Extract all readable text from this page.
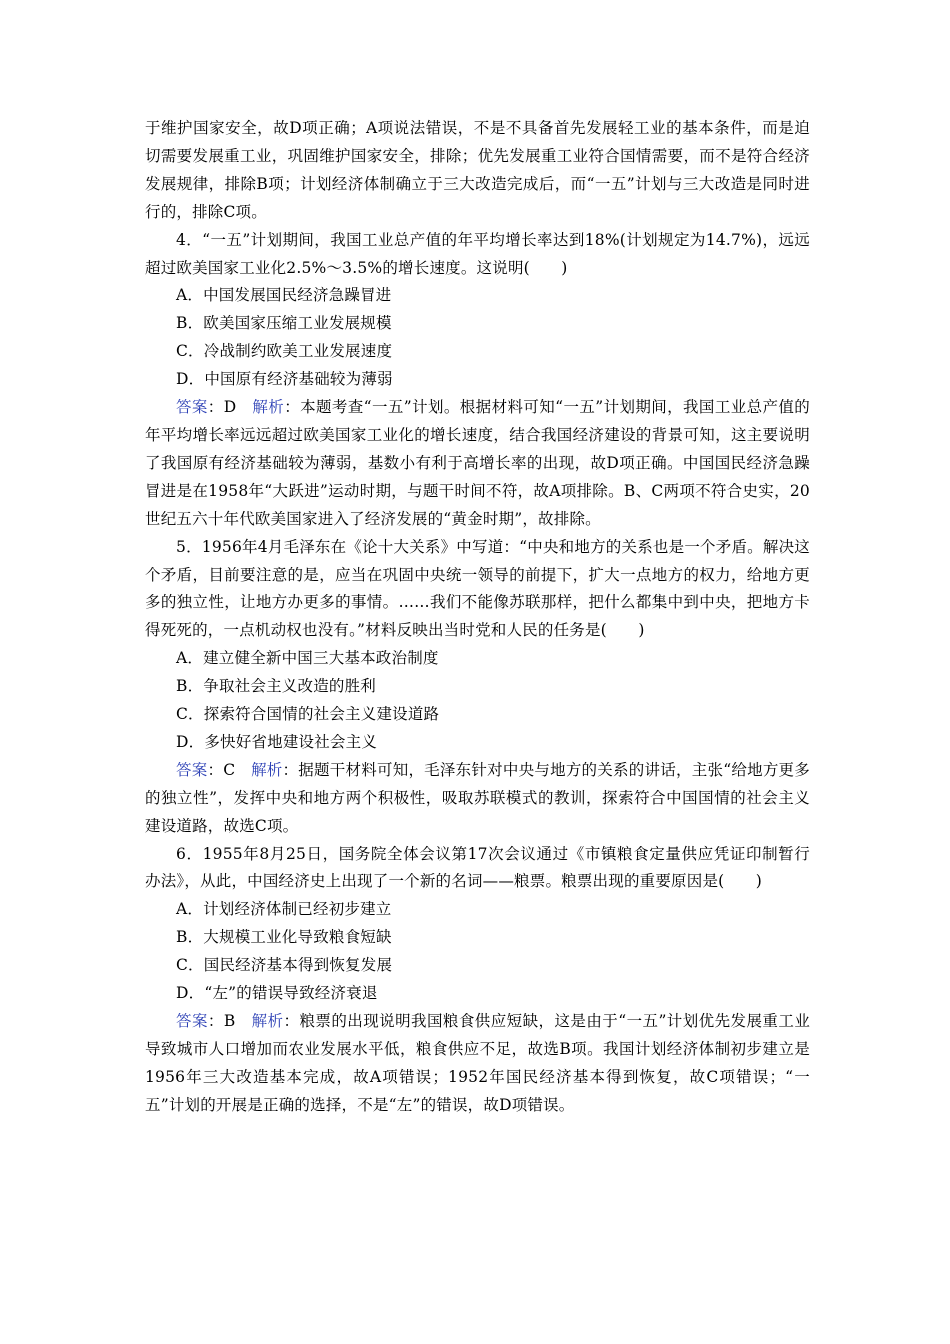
于维护国家安全，故D项正确；A项说法错误，不是不具备首先发展轻工业的基本条件，而是迫切需要发展重工业，巩固维护国家安全，排除；优先发展重工业符合国情需要，而不是符合经济发展规律，排除B项；计划经济体制确立于三大改造完成后，而“一五”计划与三大改造是同时进行的，排除C项。

4．“一五”计划期间，我国工业总产值的年平均增长率达到18%(计划规定为14.7%)，远远超过欧美国家工业化2.5%～3.5%的增长速度。这说明(　　)

A．中国发展国民经济急躁冒进

B．欧美国家压缩工业发展规模

C．冷战制约欧美工业发展速度

D．中国原有经济基础较为薄弱

答案：D　解析：本题考查“一五”计划。根据材料可知“一五”计划期间，我国工业总产值的年平均增长率远远超过欧美国家工业化的增长速度，结合我国经济建设的背景可知，这主要说明了我国原有经济基础较为薄弱，基数小有利于高增长率的出现，故D项正确。中国国民经济急躁冒进是在1958年“大跃进”运动时期，与题干时间不符，故A项排除。B、C两项不符合史实，20世纪五六十年代欧美国家进入了经济发展的“黄金时期”，故排除。

5．1956年4月毛泽东在《论十大关系》中写道：“中央和地方的关系也是一个矛盾。解决这个矛盾，目前要注意的是，应当在巩固中央统一领导的前提下，扩大一点地方的权力，给地方更多的独立性，让地方办更多的事情。……我们不能像苏联那样，把什么都集中到中央，把地方卡得死死的，一点机动权也没有。”材料反映出当时党和人民的任务是(　　)

A．建立健全新中国三大基本政治制度

B．争取社会主义改造的胜利

C．探索符合国情的社会主义建设道路

D．多快好省地建设社会主义

答案：C　解析：据题干材料可知，毛泽东针对中央与地方的关系的讲话，主张“给地方更多的独立性”，发挥中央和地方两个积极性，吸取苏联模式的教训，探索符合中国国情的社会主义建设道路，故选C项。

6．1955年8月25日，国务院全体会议第17次会议通过《市镇粮食定量供应凭证印制暂行办法》，从此，中国经济史上出现了一个新的名词——粮票。粮票出现的重要原因是(　　)

A．计划经济体制已经初步建立

B．大规模工业化导致粮食短缺

C．国民经济基本得到恢复发展

D．“左”的错误导致经济衰退

答案：B　解析：粮票的出现说明我国粮食供应短缺，这是由于“一五”计划优先发展重工业导致城市人口增加而农业发展水平低，粮食供应不足，故选B项。我国计划经济体制初步建立是1956年三大改造基本完成，故A项错误；1952年国民经济基本得到恢复，故C项错误；“一五”计划的开展是正确的选择，不是“左”的错误，故D项错误。
